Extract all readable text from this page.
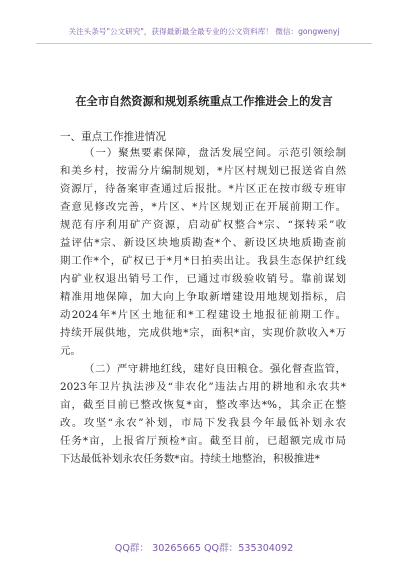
关注头条号"公文研究"，获得最新最全最专业的公文资料库！ 微信：gongwenyj
在全市自然资源和规划系统重点工作推进会上的发言
一、重点工作推进情况
（一）聚焦要素保障，盘活发展空间。示范引领绘制
和美乡村，按需分片编制规划，*片区村规划已报送省自然
资源厅，待备案审查通过后报批。*片区正在按市级专班审
查意见修改完善，*片区、*片区规划正在开展前期工作。
规范有序利用矿产资源，启动矿权整合*宗、“探转采”收
益评估*宗、新设区块地质勘查*个、新设区块地质勘查前
期工作*个，矿权已于*月*日拍卖出让。我县生态保护红线
内矿业权退出销号工作，已通过市级验收销号。靠前谋划
精准用地保障，加大向上争取新增建设用地规划指标，启
动2024年*片区土地征和*工程建设土地报征前期工作。
持续开展供地，完成供地*宗，面积*亩，实现价款收入*万
元。
（二）严守耕地红线，建好良田粮仓。强化督查监管，
2023年卫片执法涉及“非农化”违法占用的耕地和永农共*
亩，截至目前已整改恢复*亩，整改率达*%，其余正在整
改。攻坚“永农”补划，市局下发我县今年最低补划永农
任务*亩，上报省厅预检*亩。截至目前，已超额完成市局
下达最低补划永农任务数*亩。持续土地整治，积极推进*
QQ群： 30265665 QQ群：535304092
